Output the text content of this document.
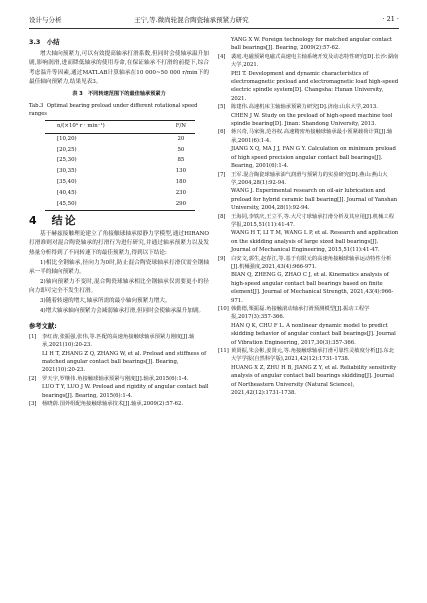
设计与分析	王宁,等.微尚轮混合陶瓷轴承预紧力研究	· 21 ·
3.3　小结

增大轴向预紧力,可以有效提高轴承打滑系数,但同时会使轴承温升加剧,影响润滑,进而降低轴承的使用寿命,在保证轴承不打滑的前提下,综合考虑温升等因素,通过MATLAB计算轴承在10 000~50 000 r/min下的最佳轴向预紧力,结果见表3。

表 3　不同转速范围下的最佳轴承预紧力
Tab.3 Optimal bearing preload under different rotational speed ranges
n/(×10⁴ r · min⁻¹)	F/N
[10,20)	20
[20,25)	50
[25,30)	85
[30,35)	130
[35,40)	180
[40,45)	230
[45,50)	290
4　结论

基于赫兹接触理论建立了角接触球轴承拟静力学模型,通过HIRANO打滑准则对混合陶瓷轴承的打滑行为进行研究,并通过轴承预紧力以及发热量分析得到了不同转速下的最佳预紧力,得到以下结论:

1)相比全钢轴承,径向力为0时,防止混合陶瓷球轴承打滑仅需全钢轴承一半的轴向预紧力。

2)轴向预紧力不变时,混合陶瓷球轴承相比全钢轴承仅需要更小的径向力即可完全不发生打滑。

3)随着转速的增大,轴承所需的最小轴向预紧力增大。

4)增大轴承轴向预紧力会减弱轴承打滑,但同时会使轴承温升加剧。

参考文献:
[1]	李红涛,张振强,张伟,等.匹配的高速角接触球轴承预紧力刚度[J].轴承,2021(10):20-23.
LI H T, ZHANG Z Q, ZHANG W, et al. Preload and stiffness of matched angular contact ball bearings[J]. Bearing, 2021(10):20-23.
[2]	罗天宇,罗继伟.角接触球轴承预紧与刚度[J].轴承,2015(6):1-4.
LUO T Y, LUO J W. Preload and rigidity of angular contact ball bearings[J]. Bearing, 2015(6):1-4.
[3]	杨晓蔚.国外组配角接触球轴承技术[J].轴承,2009(2):57-62.
YANG X W. Foreign technology for matched angular contact ball bearings[J]. Bearing, 2009(2):57-62.
[4]	裴庭.电磁预紧电磁式高速电主轴系统开发及动态特性研究[D].长沙:湖南大学,2021.
PEI T. Development and dynamic characteristics of electromagnetic preload and electromagnetic load high-speed electric spindle system[D]. Changsha: Hunan University, 2021.
[5]	陈建伟.高速机床主轴轴承预紧力研究[D].济南:山东大学,2013.
CHEN J W. Study on the preload of high-speed machine tool spindle bearing[D]. Jinan: Shandong University, 2013.
[6]	蒋兴奇,马家驹,范谷权.高速精密角接触球轴承最小预紧载荷计算[J].轴承,2001(6):1-4.
JIANG X Q, MA J J, FAN G Y. Calculation on minimum preload of high speed precision angular contact ball bearings[J]. Bearing, 2001(6):1-4.
[7]	王军.混合陶瓷球轴承油气润滑与预紧力的实验研究[D].燕山:燕山大学,2004,28(1):92-94.
WANG J. Experimental research on oil-air lubrication and preload for hybrid ceramic ball bearing[J]. Journal of Yanshan University, 2004,28(1):92-94.
[8]	王海同,李铁庆,王立平,等.大尺寸球轴承打滑分析及其应用[J].机械工程学报,2015,51(11):41-47.
WANG H T, LI T M, WANG L P, et al. Research and application on the skidding analysis of large sized ball bearings[J]. Journal of Mechanical Engineering, 2015,51(11):41-47.
[9]	白安文,郭生,赵春江,等.基于有限元的高速角接触球轴承运动特性分析[J].机械强度,2021,43(4):966-971.
BIAN Q, ZHENG G, ZHAO C J, et al. Kinematics analysis of high-speed angular contact ball bearings based on finite element[J]. Journal of Mechanical Strength, 2021,43(4):966-971.
[10] 韩勤德,栗振磊.角接触滚动轴承打滑预测模型[J].振动工程学报,2017(3):357-366.
HAN Q K, CHU F L. A nonlinear dynamic model to predict skidding behavior of angular contact ball bearings[J]. Journal of Vibration Engineering, 2017,30(3):357-366.
[11] 黄贤振,朱会彬,姜贤元,等.角接触球轴承打滑可靠性灵敏度分析[J].东北大学学报(自然科学版),2021,42(12):1731-1738.
HUANG X Z, ZHU H B, JIANG Z Y, et al. Reliability sensitivity analysis of angular contact ball bearings skidding[J]. Journal of Northeastern University (Natural Science), 2021,42(12):1731-1738.
